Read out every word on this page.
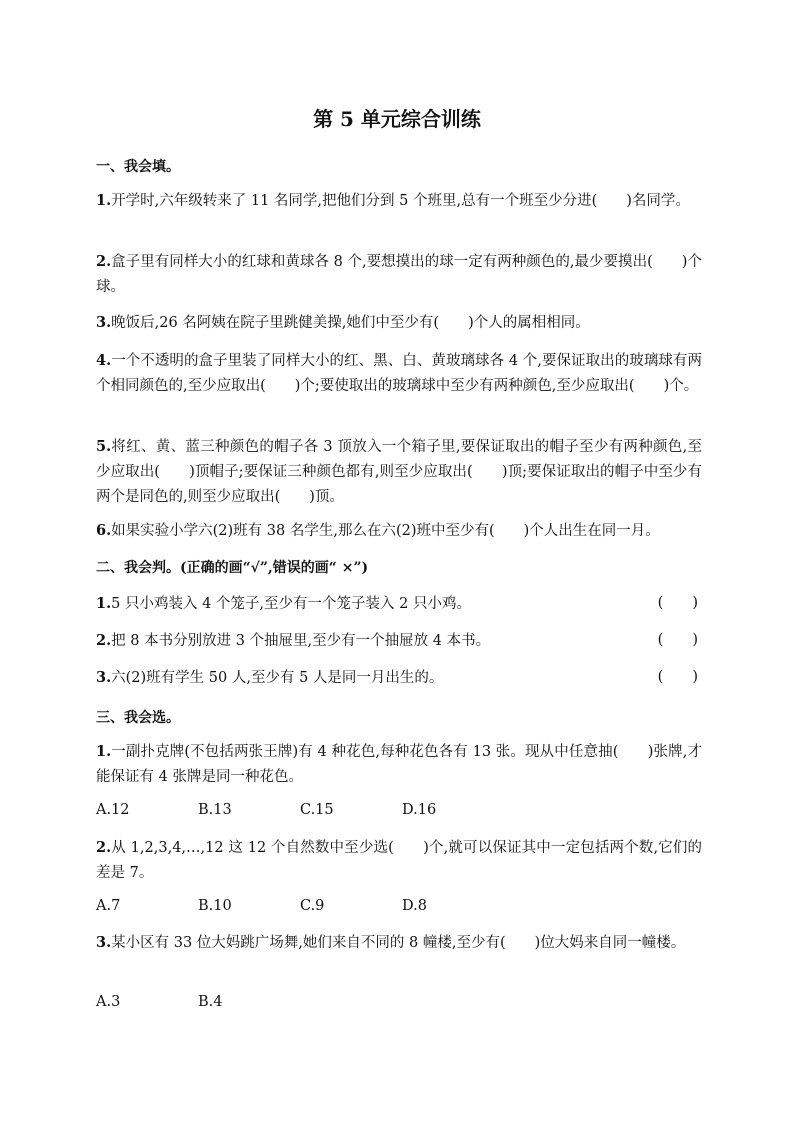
第 5 单元综合训练

一、我会填。

1.开学时,六年级转来了 11 名同学,把他们分到 5 个班里,总有一个班至少分进(　　)名同学。

2.盒子里有同样大小的红球和黄球各 8 个,要想摸出的球一定有两种颜色的,最少要摸出(　　)个球。

3.晚饭后,26 名阿姨在院子里跳健美操,她们中至少有(　　)个人的属相相同。

4.一个不透明的盒子里装了同样大小的红、黑、白、黄玻璃球各 4 个,要保证取出的玻璃球有两个相同颜色的,至少应取出(　　)个;要使取出的玻璃球中至少有两种颜色,至少应取出(　　)个。

5.将红、黄、蓝三种颜色的帽子各 3 顶放入一个箱子里,要保证取出的帽子至少有两种颜色,至少应取出(　　)顶帽子;要保证三种颜色都有,则至少应取出(　　)顶;要保证取出的帽子中至少有两个是同色的,则至少应取出(　　)顶。

6.如果实验小学六(2)班有 38 名学生,那么在六(2)班中至少有(　　)个人出生在同一月。

二、我会判。(正确的画“√”,错误的画“ ×”)

1.5 只小鸡装入 4 个笼子,至少有一个笼子装入 2 只小鸡。	(　　)

2.把 8 本书分别放进 3 个抽屉里,至少有一个抽屉放 4 本书。	(　　)

3.六(2)班有学生 50 人,至少有 5 人是同一月出生的。	(　　)

三、我会选。

1.一副扑克牌(不包括两张王牌)有 4 种花色,每种花色各有 13 张。现从中任意抽(　　)张牌,才能保证有 4 张牌是同一种花色。

A.12	B.13	C.15	D.16

2.从 1,2,3,4,…,12 这 12 个自然数中至少选(　　)个,就可以保证其中一定包括两个数,它们的差是 7。

A.7	B.10	C.9	D.8

3.某小区有 33 位大妈跳广场舞,她们来自不同的 8 幢楼,至少有(　　)位大妈来自同一幢楼。

A.3	B.4
